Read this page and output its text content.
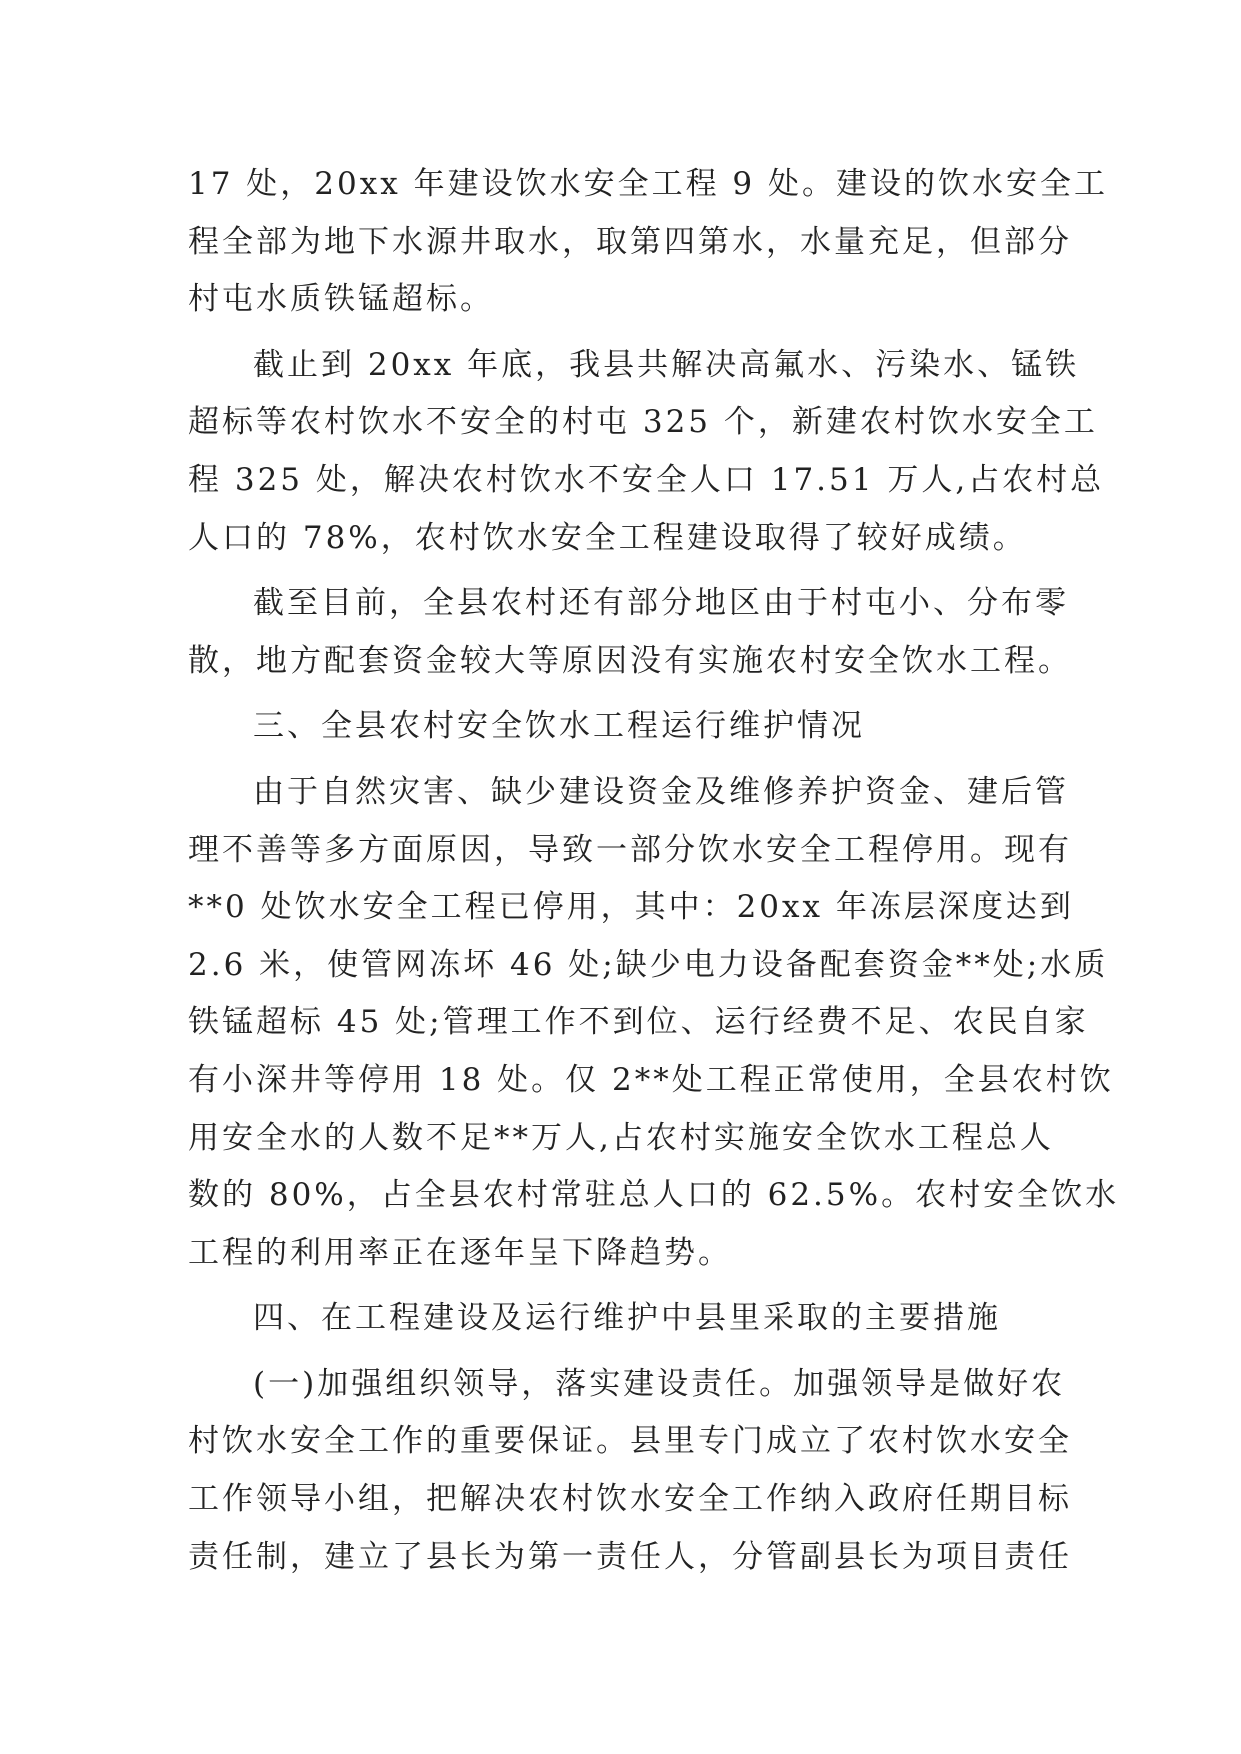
17 处，20xx 年建设饮水安全工程 9 处。建设的饮水安全工
程全部为地下水源井取水，取第四第水，水量充足，但部分
村屯水质铁锰超标。
截止到 20xx 年底，我县共解决高氟水、污染水、锰铁
超标等农村饮水不安全的村屯 325 个，新建农村饮水安全工
程 325 处，解决农村饮水不安全人口 17.51 万人,占农村总
人口的 78%，农村饮水安全工程建设取得了较好成绩。
截至目前，全县农村还有部分地区由于村屯小、分布零
散，地方配套资金较大等原因没有实施农村安全饮水工程。
三、全县农村安全饮水工程运行维护情况
由于自然灾害、缺少建设资金及维修养护资金、建后管
理不善等多方面原因，导致一部分饮水安全工程停用。现有
**0 处饮水安全工程已停用，其中：20xx 年冻层深度达到
2.6 米，使管网冻坏 46 处;缺少电力设备配套资金**处;水质
铁锰超标 45 处;管理工作不到位、运行经费不足、农民自家
有小深井等停用 18 处。仅 2**处工程正常使用，全县农村饮
用安全水的人数不足**万人,占农村实施安全饮水工程总人
数的 80%，占全县农村常驻总人口的 62.5%。农村安全饮水
工程的利用率正在逐年呈下降趋势。
四、在工程建设及运行维护中县里采取的主要措施
(一)加强组织领导，落实建设责任。加强领导是做好农
村饮水安全工作的重要保证。县里专门成立了农村饮水安全
工作领导小组，把解决农村饮水安全工作纳入政府任期目标
责任制，建立了县长为第一责任人，分管副县长为项目责任
